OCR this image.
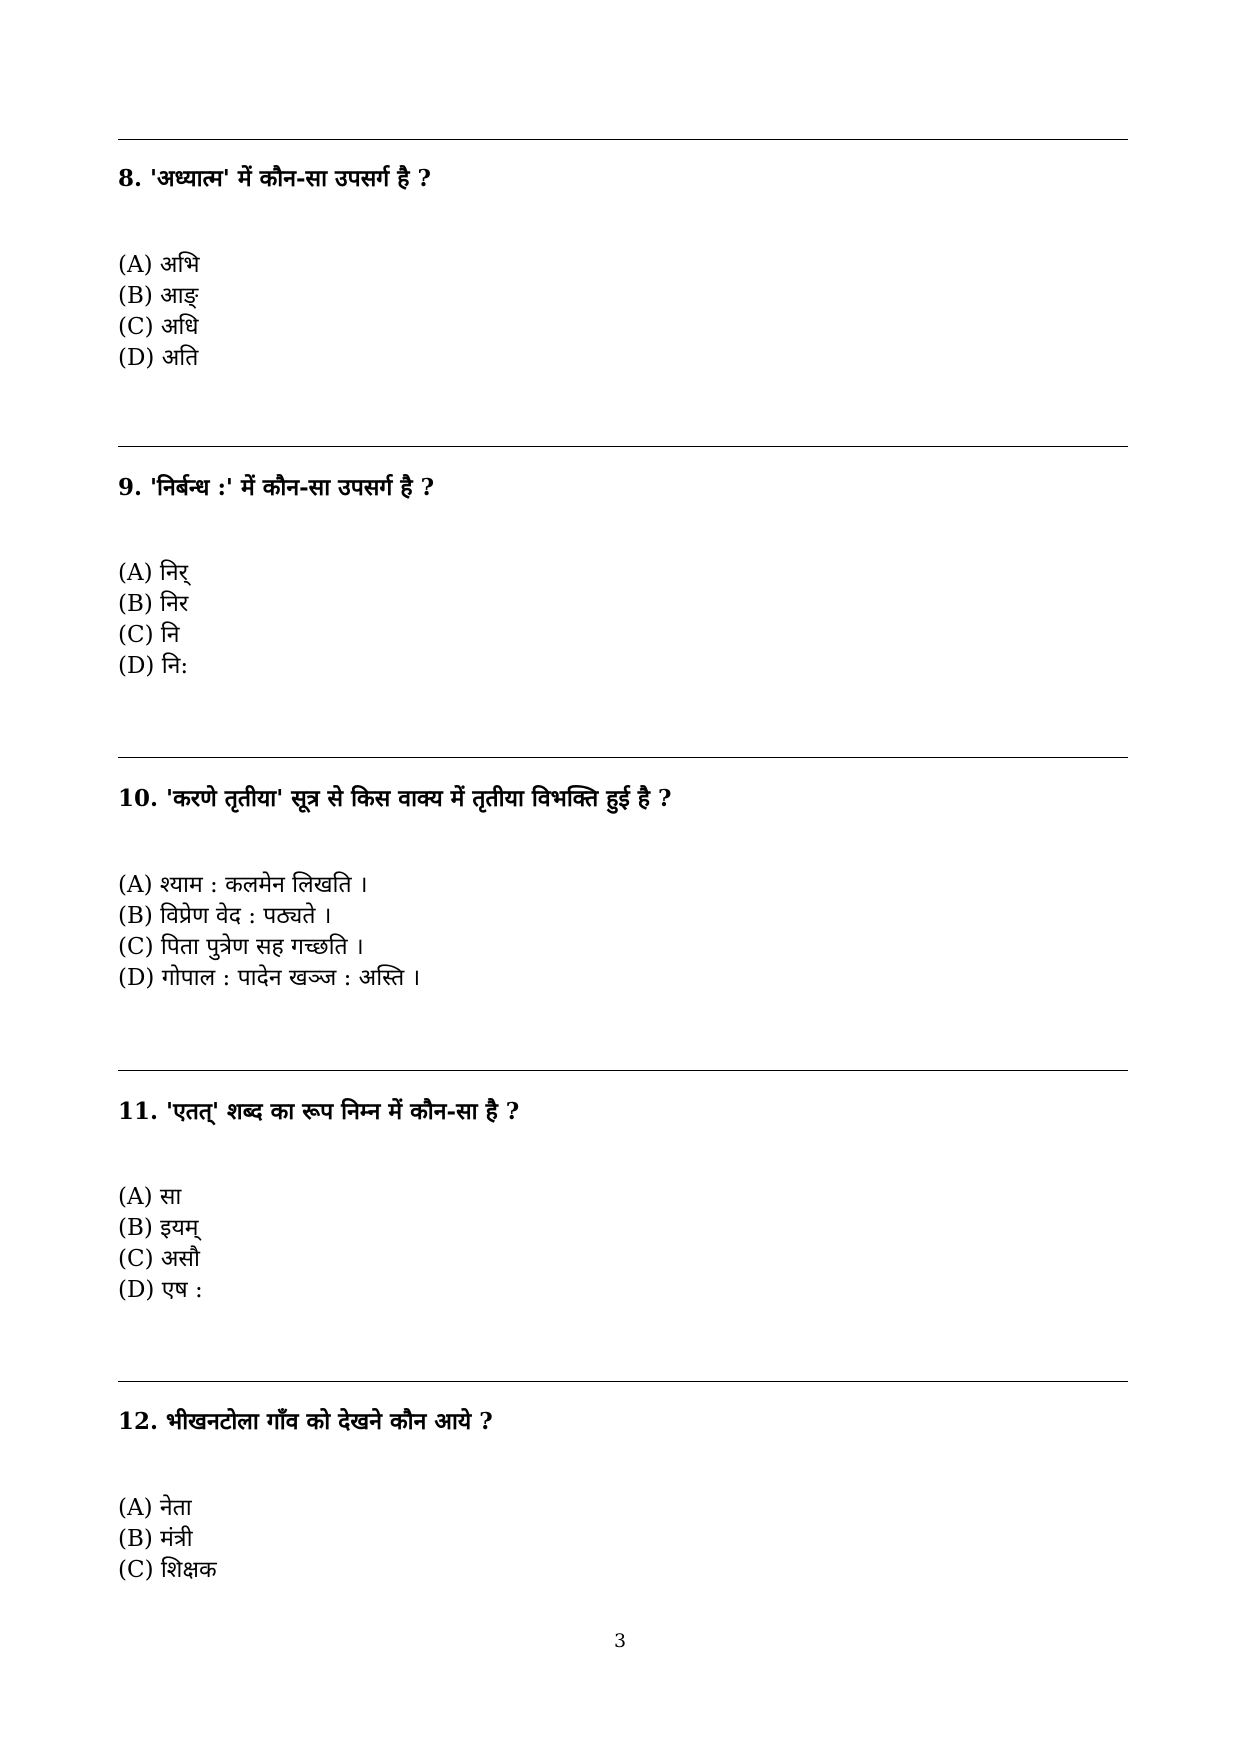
8. 'अध्यात्म' में कौन-सा उपसर्ग है ?
(A) अभि
(B) आङ्
(C) अधि
(D) अति
9. 'निर्बन्ध :' में कौन-सा उपसर्ग है ?
(A) निर्
(B) निर
(C) नि
(D) नि:
10. 'करणे तृतीया' सूत्र से किस वाक्य में तृतीया विभक्ति हुई है ?
(A) श्याम : कलमेन लिखति ।
(B) विप्रेण वेद : पठ्यते ।
(C) पिता पुत्रेण सह गच्छति ।
(D) गोपाल : पादेन खञ्ज : अस्ति ।
11. 'एतत्' शब्द का रूप निम्न में कौन-सा है ?
(A) सा
(B) इयम्
(C) असौ
(D) एष :
12. भीखनटोला गाँव को देखने कौन आये ?
(A) नेता
(B) मंत्री
(C) शिक्षक
3
